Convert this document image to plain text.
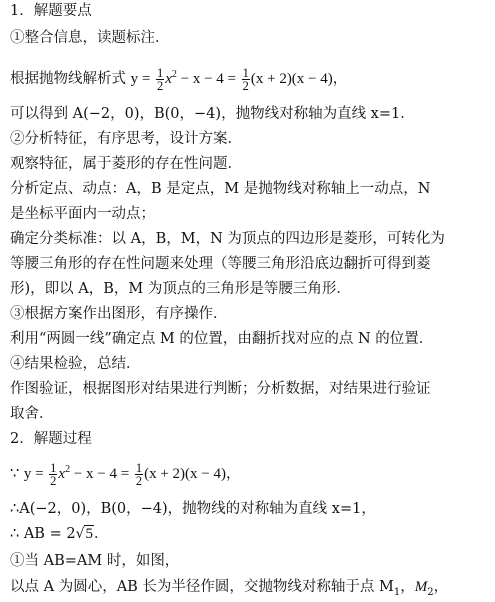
1．解题要点
①整合信息，读题标注．
根据抛物线解析式 $y = \frac{1}{2} x^2 - x - 4 = \frac{1}{2} (x + 2)(x - 4)$，
可以得到 A(−2，0)，B(0，−4)，抛物线对称轴为直线 x=1．
②分析特征，有序思考，设计方案．
观察特征，属于菱形的存在性问题．
分析定点、动点：A，B 是定点，M 是抛物线对称轴上一动点，N
是坐标平面内一动点；
确定分类标准：以 A，B，M，N 为顶点的四边形是菱形，可转化为
等腰三角形的存在性问题来处理（等腰三角形沿底边翻折可得到菱
形)，即以 A，B，M 为顶点的三角形是等腰三角形．
③根据方案作出图形，有序操作．
利用“两圆一线”确定点 M 的位置，由翻折找对应的点 N 的位置．
④结果检验，总结．
作图验证，根据图形对结果进行判断；分析数据，对结果进行验证
取舍．
2．解题过程
∵ $y = \frac{1}{2} x^2 - x - 4 = \frac{1}{2} (x + 2)(x - 4)$，
∴A(−2，0)，B(0，−4)，抛物线的对称轴为直线 x=1，
∴ AB = 2√5．
①当 AB=AM 时，如图，
以点 A 为圆心，AB 长为半径作圆，交抛物线对称轴于点 $M_1$，$M_2$，
